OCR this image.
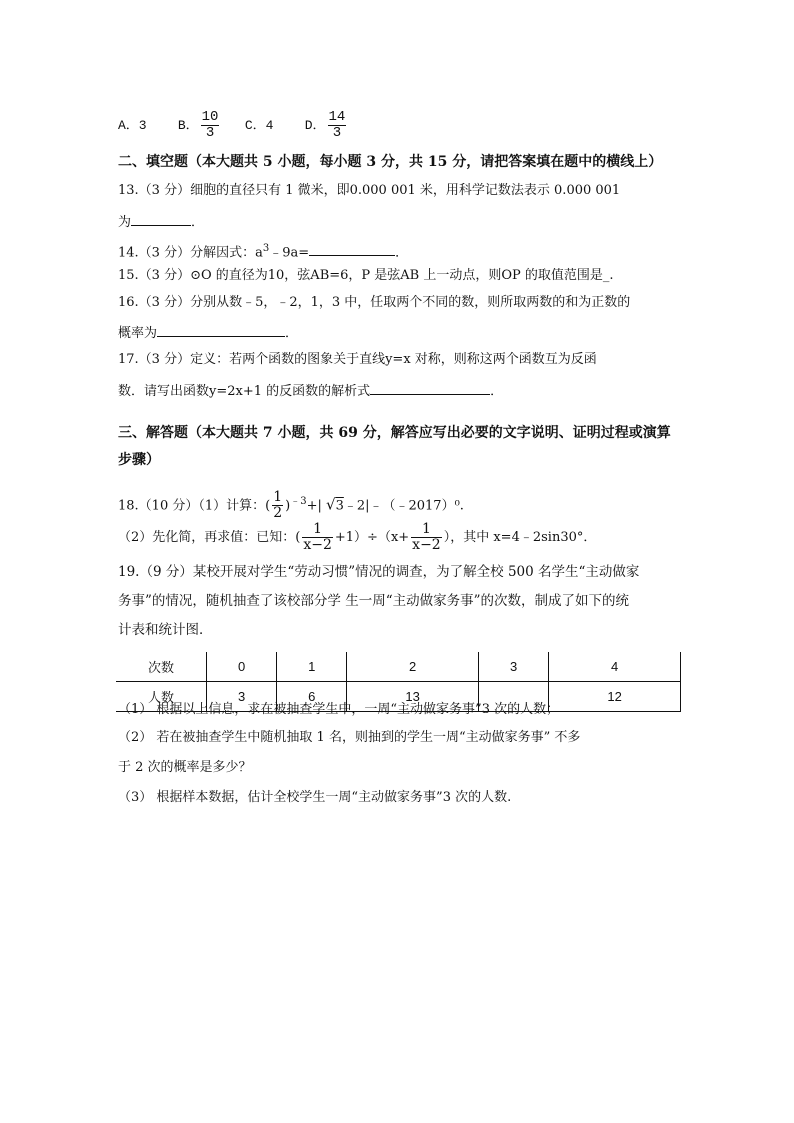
A．3 B． $\frac{10}{3}$ C．4 D． $\frac{14}{3}$
二、填空题（本大题共 5 小题，每小题 3 分，共 15 分，请把答案填在题中的横线上）
13.（3 分）细胞的直径只有 1 微米，即0.000 001 米，用科学记数法表示 0.000 001
为	．
14.（3 分）分解因式：$a^3﹣9a=$	．
15.（3 分）⊙O 的直径为10，弦AB=6，P 是弦AB 上一动点，则OP 的取值范围是_.
16.（3 分）分别从数﹣5，﹣2，1，3 中，任取两个不同的数，则所取两数的和为正数的
概率为	．
17.（3 分）定义：若两个函数的图象关于直线y=x 对称，则称这两个函数互为反函
数．请写出函数y=2x+1 的反函数的解析式	．
三、解答题（本大题共 7 小题，共 69 分，解答应写出必要的文字说明、证明过程或演算
步骤）
18.（10 分）（1）计算：( $\frac{1}{2} )^{﹣3}+|$ √3﹣2|﹣（﹣2017）⁰.
（2）先化简，再求值：已知：( $\frac{1}{x-2} +1)\div(x+ \frac{1}{x-2}$ ），其中 x=4﹣2sin30°．
19.（9 分）某校开展对学生“劳动习惯”情况的调查，为了解全校 500 名学生“主动做家
务事”的情况，随机抽查了该校部分学 生一周“主动做家务事”的次数，制成了如下的统
计表和统计图．
次数	0	1	2	3	4
人数	3	6	13		12
（1） 根据以上信息，求在被抽查学生中，一周“主动做家务事”3 次的人数；
（2） 若在被抽查学生中随机抽取 1 名，则抽到的学生一周“主动做家务事” 不多
于 2 次的概率是多少？
（3） 根据样本数据，估计全校学生一周“主动做家务事”3 次的人数.
